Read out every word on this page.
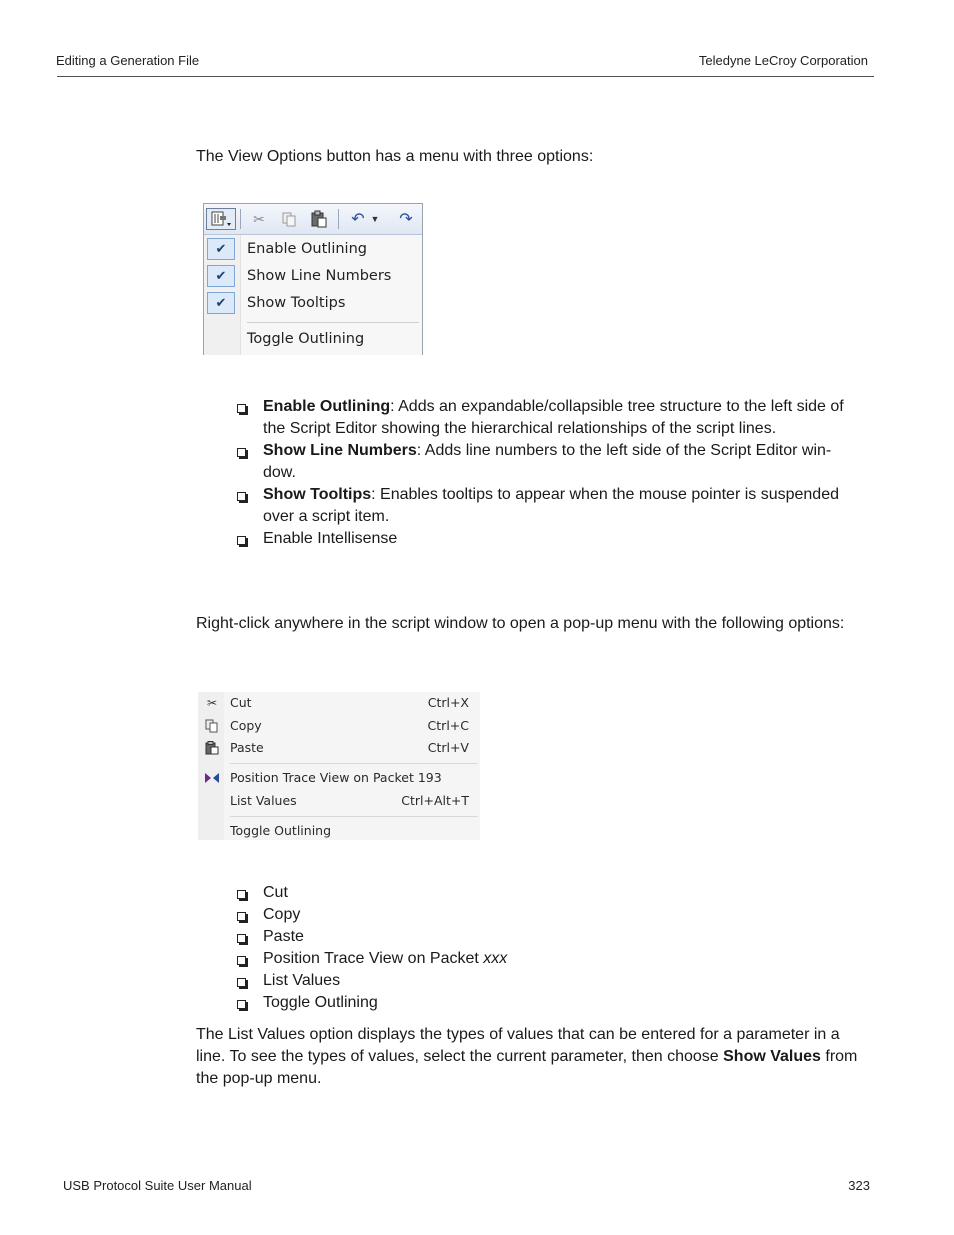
Editing a Generation File	Teledyne LeCroy Corporation
The View Options button has a menu with three options:
✂	↶ ▼ ↷
✔	Enable Outlining
✔	Show Line Numbers
✔	Show Tooltips
Toggle Outlining
Enable Outlining: Adds an expandable/collapsible tree structure to the left side of the Script Editor showing the hierarchical relationships of the script lines.
Show Line Numbers: Adds line numbers to the left side of the Script Editor win-dow.
Show Tooltips: Enables tooltips to appear when the mouse pointer is suspended over a script item.
Enable Intellisense
Right-click anywhere in the script window to open a pop-up menu with the following options:
✂ Cut	Ctrl+X
Copy	Ctrl+C
Paste	Ctrl+V
Position Trace View on Packet 193
List Values	Ctrl+Alt+T
Toggle Outlining
Cut
Copy
Paste
Position Trace View on Packet xxx
List Values
Toggle Outlining
The List Values option displays the types of values that can be entered for a parameter in a line. To see the types of values, select the current parameter, then choose Show Values from the pop-up menu.
USB Protocol Suite User Manual	323
